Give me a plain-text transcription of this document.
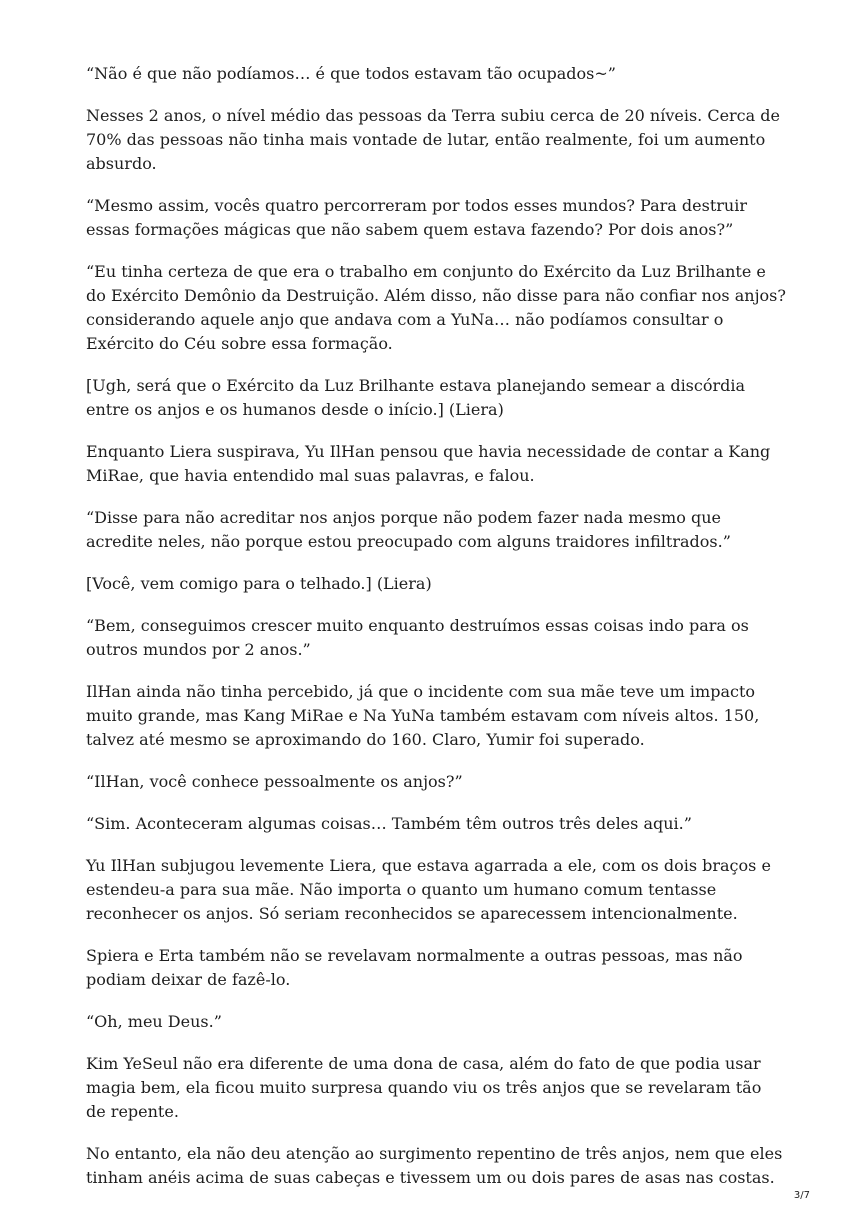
“Não é que não podíamos… é que todos estavam tão ocupados~”

Nesses 2 anos, o nível médio das pessoas da Terra subiu cerca de 20 níveis. Cerca de 70% das pessoas não tinha mais vontade de lutar, então realmente, foi um aumento absurdo.

“Mesmo assim, vocês quatro percorreram por todos esses mundos? Para destruir essas formações mágicas que não sabem quem estava fazendo? Por dois anos?”

“Eu tinha certeza de que era o trabalho em conjunto do Exército da Luz Brilhante e do Exército Demônio da Destruição. Além disso, não disse para não confiar nos anjos? considerando aquele anjo que andava com a YuNa… não podíamos consultar o Exército do Céu sobre essa formação.

[Ugh, será que o Exército da Luz Brilhante estava planejando semear a discórdia entre os anjos e os humanos desde o início.] (Liera)

Enquanto Liera suspirava, Yu IlHan pensou que havia necessidade de contar a Kang MiRae, que havia entendido mal suas palavras, e falou.

“Disse para não acreditar nos anjos porque não podem fazer nada mesmo que acredite neles, não porque estou preocupado com alguns traidores infiltrados.”

[Você, vem comigo para o telhado.] (Liera)

“Bem, conseguimos crescer muito enquanto destruímos essas coisas indo para os outros mundos por 2 anos.”

IlHan ainda não tinha percebido, já que o incidente com sua mãe teve um impacto muito grande, mas Kang MiRae e Na YuNa também estavam com níveis altos. 150, talvez até mesmo se aproximando do 160. Claro, Yumir foi superado.

“IlHan, você conhece pessoalmente os anjos?”

“Sim. Aconteceram algumas coisas… Também têm outros três deles aqui.”

Yu IlHan subjugou levemente Liera, que estava agarrada a ele, com os dois braços e estendeu-a para sua mãe. Não importa o quanto um humano comum tentasse reconhecer os anjos. Só seriam reconhecidos se aparecessem intencionalmente.

Spiera e Erta também não se revelavam normalmente a outras pessoas, mas não podiam deixar de fazê-lo.

“Oh, meu Deus.”

Kim YeSeul não era diferente de uma dona de casa, além do fato de que podia usar magia bem, ela ficou muito surpresa quando viu os três anjos que se revelaram tão de repente.

No entanto, ela não deu atenção ao surgimento repentino de três anjos, nem que eles tinham anéis acima de suas cabeças e tivessem um ou dois pares de asas nas costas.

3/7
